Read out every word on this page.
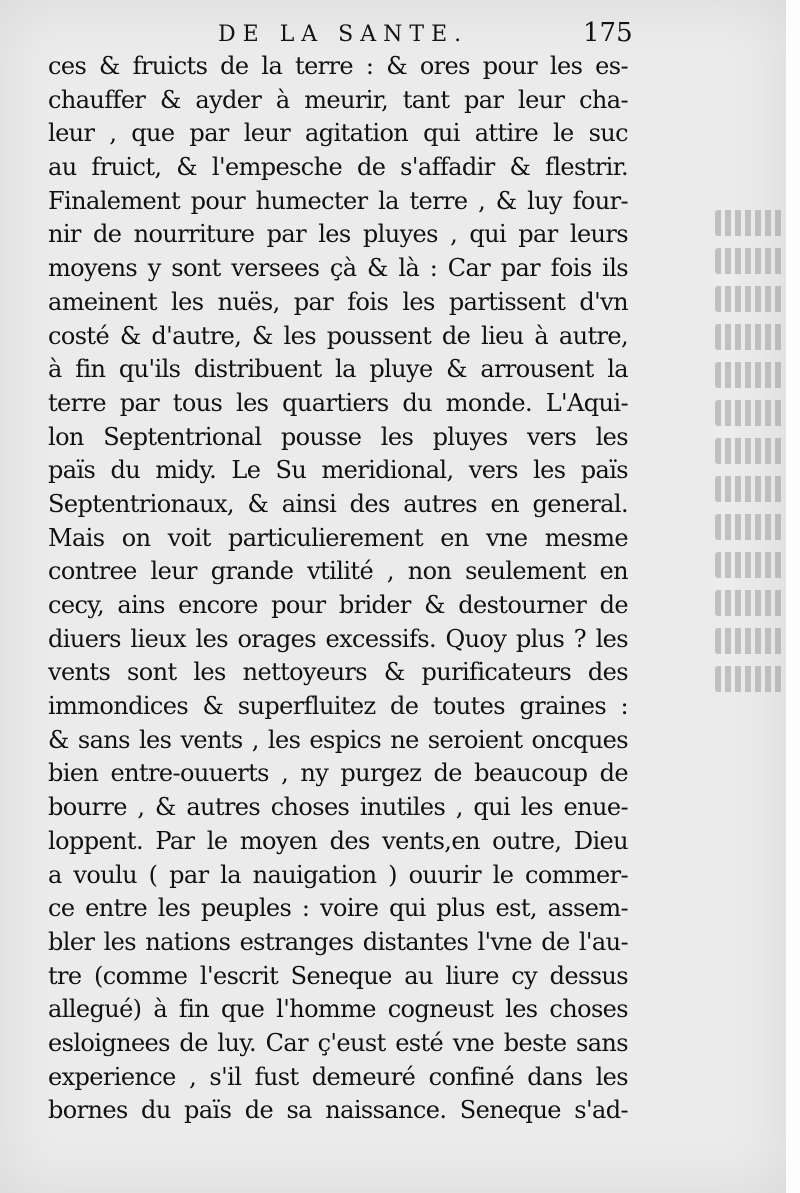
DE LA SANTE.	175
ces & fruicts de la terre : & ores pour les es-
chauffer & ayder à meurir, tant par leur cha-
leur , que par leur agitation qui attire le suc
au fruict, & l'empesche de s'affadir & flestrir.
Finalement pour humecter la terre , & luy four-
nir de nourriture par les pluyes , qui par leurs
moyens y sont versees çà & là : Car par fois ils
ameinent les nuës, par fois les partissent d'vn
costé & d'autre, & les poussent de lieu à autre,
à fin qu'ils distribuent la pluye & arrousent la
terre par tous les quartiers du monde. L'Aqui-
lon Septentrional pousse les pluyes vers les
païs du midy. Le Su meridional, vers les païs
Septentrionaux, & ainsi des autres en general.
Mais on voit particulierement en vne mesme
contree leur grande vtilité , non seulement en
cecy, ains encore pour brider & destourner de
diuers lieux les orages excessifs. Quoy plus ? les
vents sont les nettoyeurs & purificateurs des
immondices & superfluitez de toutes graines :
& sans les vents , les espics ne seroient oncques
bien entre-ouuerts , ny purgez de beaucoup de
bourre , & autres choses inutiles , qui les enue-
loppent. Par le moyen des vents,en outre, Dieu
a voulu ( par la nauigation ) ouurir le commer-
ce entre les peuples : voire qui plus est, assem-
bler les nations estranges distantes l'vne de l'au-
tre (comme l'escrit Seneque au liure cy dessus
allegué) à fin que l'homme cogneust les choses
esloignees de luy. Car ç'eust esté vne beste sans
experience , s'il fust demeuré confiné dans les
bornes du païs de sa naissance. Seneque s'ad-
